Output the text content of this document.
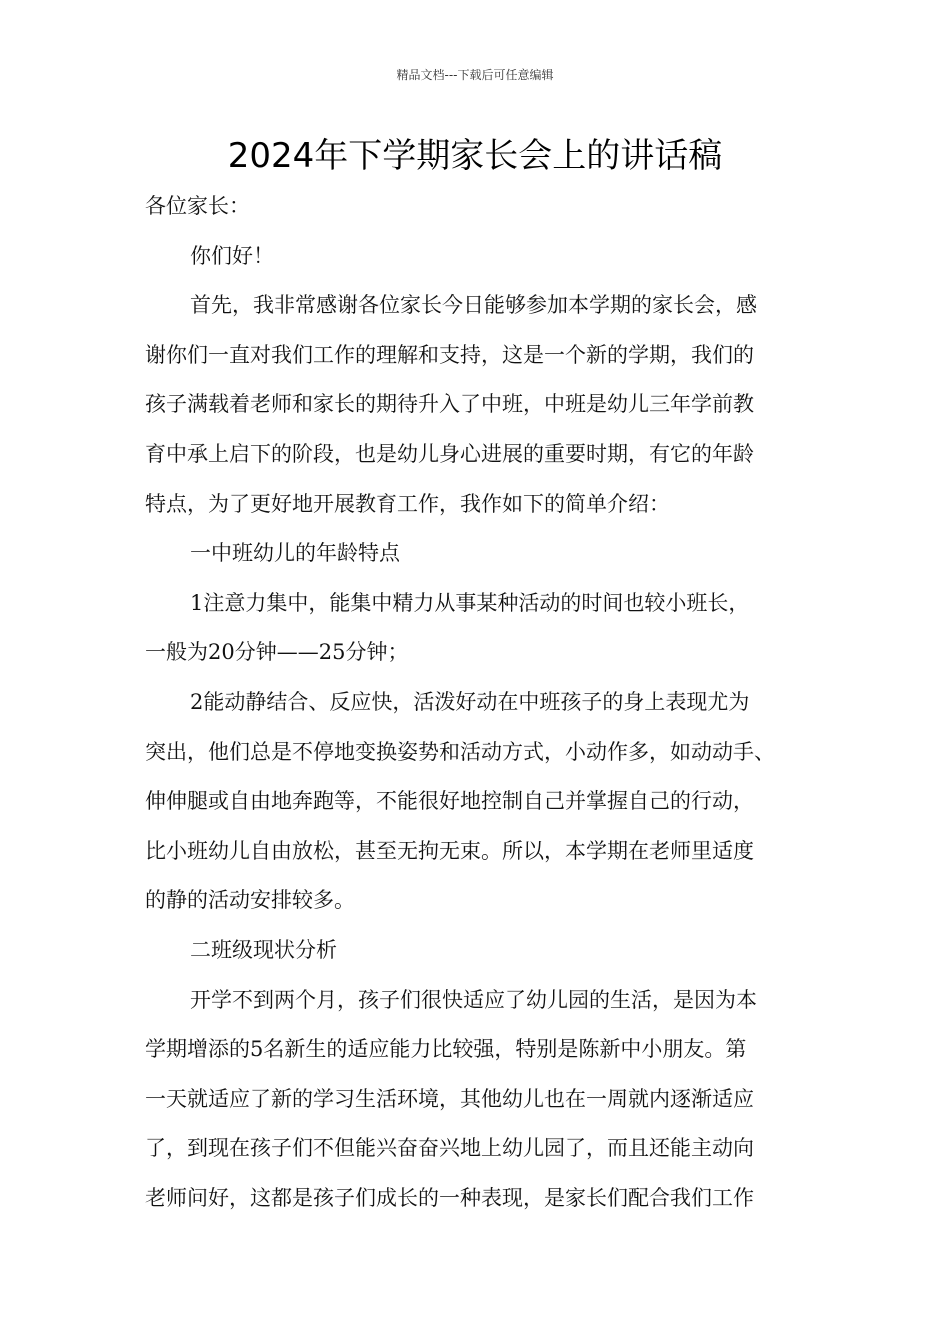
精品文档---下载后可任意编辑
2024年下学期家长会上的讲话稿
各位家长：
你们好！
首先，我非常感谢各位家长今日能够参加本学期的家长会，感
谢你们一直对我们工作的理解和支持，这是一个新的学期，我们的
孩子满载着老师和家长的期待升入了中班，中班是幼儿三年学前教
育中承上启下的阶段，也是幼儿身心进展的重要时期，有它的年龄
特点，为了更好地开展教育工作，我作如下的简单介绍：
一中班幼儿的年龄特点
1注意力集中，能集中精力从事某种活动的时间也较小班长，
一般为20分钟——25分钟；
2能动静结合、反应快，活泼好动在中班孩子的身上表现尤为
突出，他们总是不停地变换姿势和活动方式，小动作多，如动动手、
伸伸腿或自由地奔跑等，不能很好地控制自己并掌握自己的行动，
比小班幼儿自由放松，甚至无拘无束。所以，本学期在老师里适度
的静的活动安排较多。
二班级现状分析
开学不到两个月，孩子们很快适应了幼儿园的生活，是因为本
学期增添的5名新生的适应能力比较强，特别是陈新中小朋友。第
一天就适应了新的学习生活环境，其他幼儿也在一周就内逐渐适应
了，到现在孩子们不但能兴奋奋兴地上幼儿园了，而且还能主动向
老师问好，这都是孩子们成长的一种表现，是家长们配合我们工作
